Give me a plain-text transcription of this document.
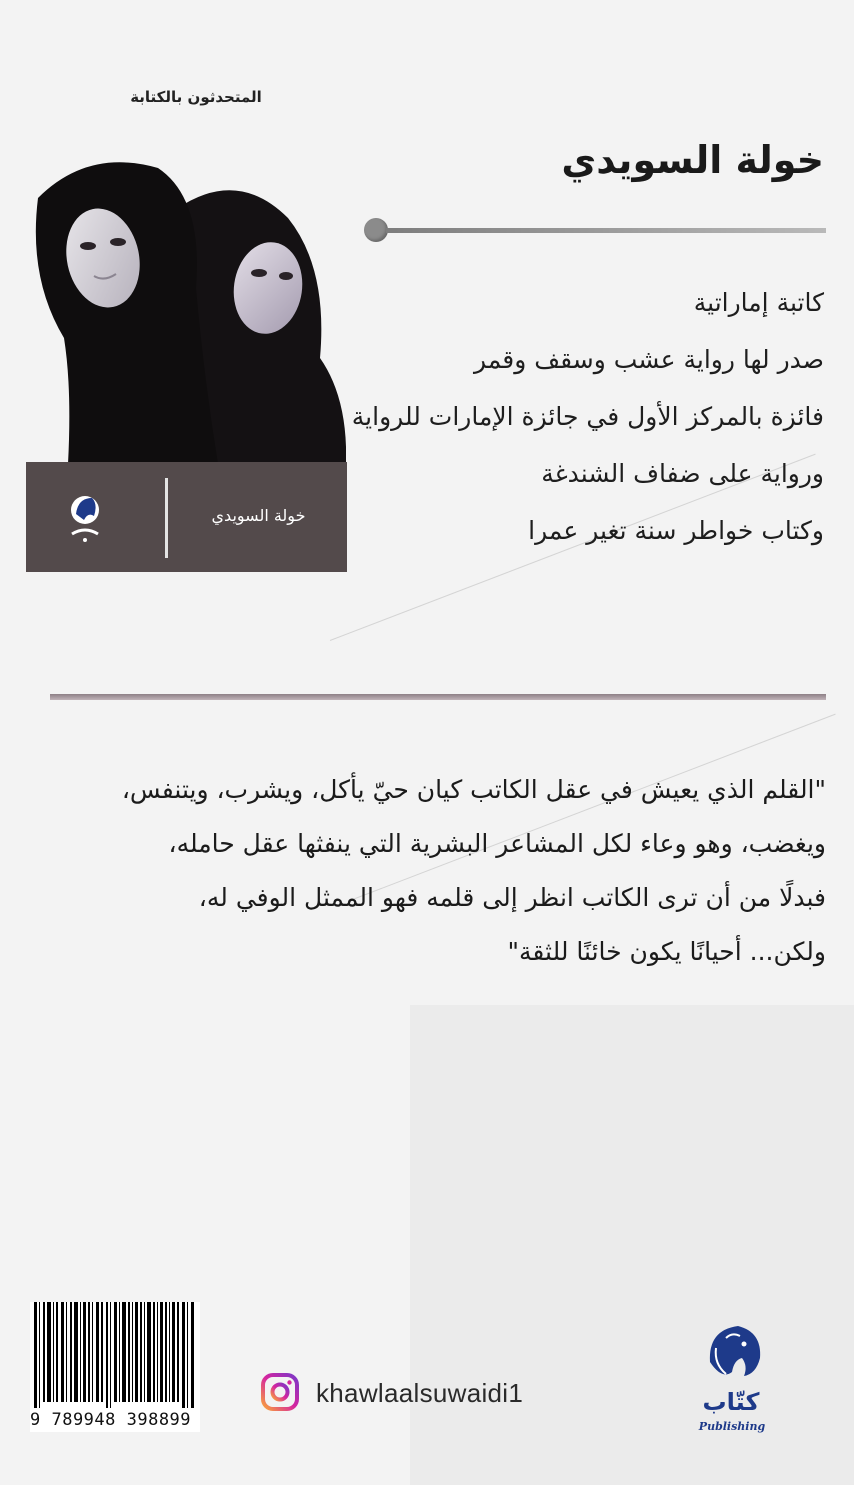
المتحدثون بالكتابة
خولة السويدي
كاتبة إماراتية
صدر لها رواية عشب وسقف وقمر
فائزة بالمركز الأول في جائزة الإمارات للرواية
ورواية على ضفاف الشندغة
وكتاب خواطر سنة تغير عمرا
خولة السويدي

"القلم الذي يعيش في عقل الكاتب كيان حيّ يأكل، ويشرب، ويتنفس،
ويغضب، وهو وعاء لكل المشاعر البشرية التي ينفثها عقل حامله،
فبدلًا من أن ترى الكاتب انظر إلى قلمه فهو الممثل الوفي له،
ولكن... أحيانًا يكون خائنًا للثقة"

9 789948 398899
khawlaalsuwaidi1	كتّاب
Publishing
